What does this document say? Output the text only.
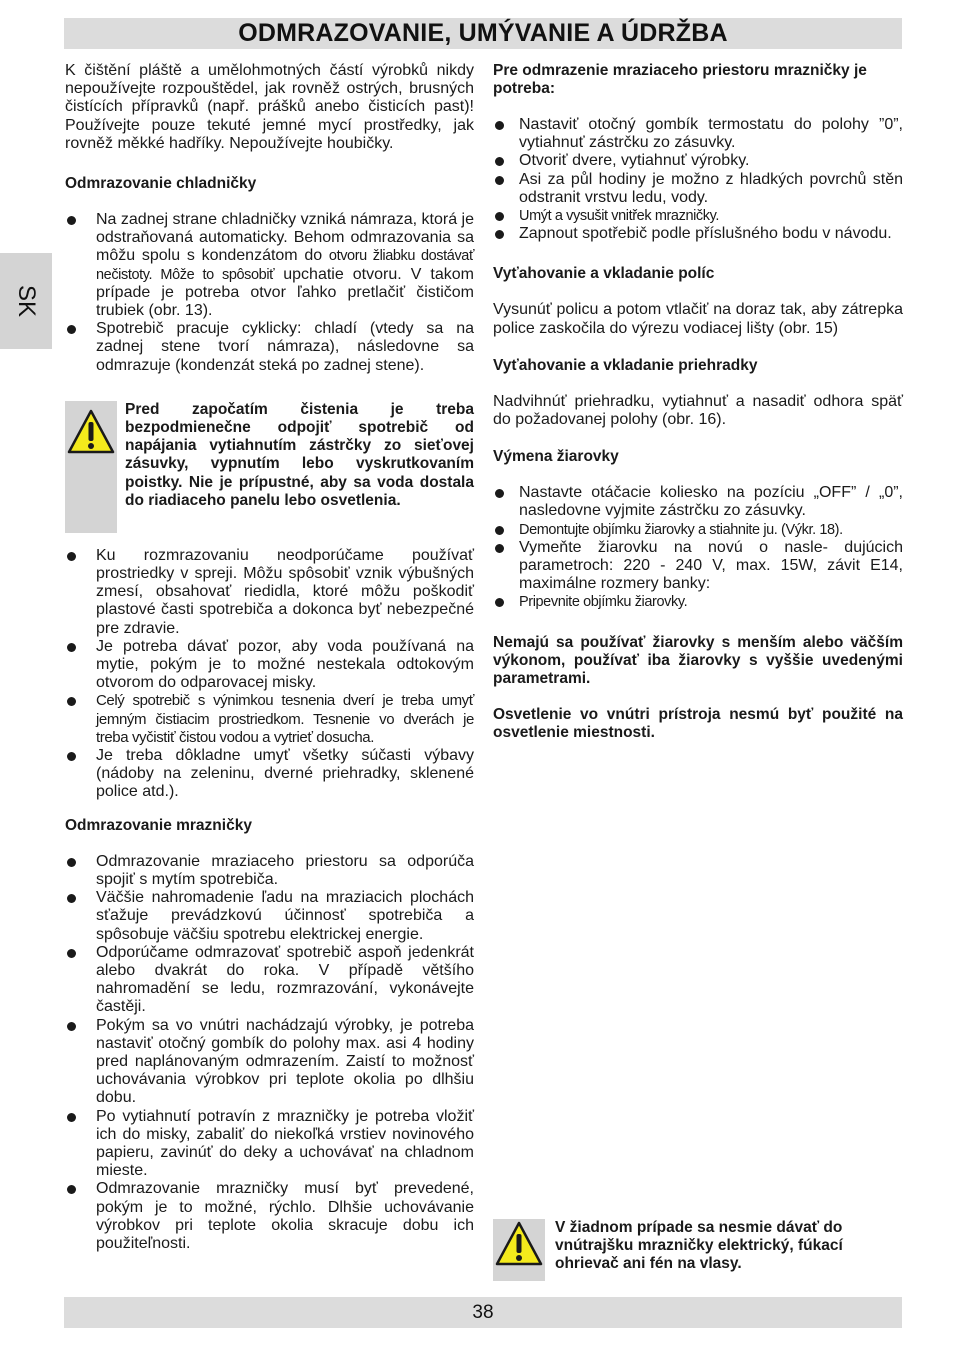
ODMRAZOVANIE, UMÝVANIE A ÚDRŽBA
SK

K čištění pláště a umělohmotných částí výrobků nikdy nepoužívejte rozpouštědel, jak rovněž ostrých, brusných čistících přípravků (např. prášků anebo čisticích past)! Používejte pouze tekuté jemné mycí prostředky, jak rovněž měkké hadříky. Nepoužívejte houbičky.

Odmrazovanie chladničky
Na zadnej strane chladničky vzniká námraza, ktorá je odstraňovaná automaticky. Behom odmrazovania sa môžu spolu s kondenzátom do otvoru žliabku dostávať nečistoty. Môže to spôsobiť upchatie otvoru. V takom prípade je potreba otvor ľahko pretlačiť čističom trubiek (obr. 13).
Spotrebič pracuje cyklicky: chladí (vtedy sa na zadnej stene tvorí námraza), následovne sa odmrazuje (kondenzát steká po zadnej stene).
Pred započatím čistenia je treba bezpodmienečne odpojiť spotrebič od napájania vytiahnutím zástrčky zo sieťovej zásuvky, vypnutím lebo vyskrutkovaním poistky. Nie je prípustné, aby sa voda dostala do riadiaceho panelu lebo osvetlenia.
Ku rozmrazovaniu neodporúčame používať prostriedky v spreji. Môžu spôsobiť vznik výbušných zmesí, obsahovať riedidla, ktoré môžu poškodiť plastové časti spotrebiča a dokonca byť nebezpečné pre zdravie.
Je potreba dávať pozor, aby voda používaná na mytie, pokým je to možné nestekala odtokovým otvorom do odparovacej misky.
Celý spotrebič s výnimkou tesnenia dverí je treba umyť jemným čistiacim prostriedkom. Tesnenie vo dverách je treba vyčistiť čistou vodou a vytrieť dosucha.
Je treba dôkladne umyť všetky súčasti výbavy (nádoby na zeleninu, dverné priehradky, sklenené police atd.).
Odmrazovanie mrazničky
Odmrazovanie mraziaceho priestoru sa odporúča spojiť s mytím spotrebiča.
Väčšie nahromadenie ľadu na mraziacich plochách sťažuje prevádzkovú účinnosť spotrebiča a spôsobuje väčšiu spotrebu elektrickej energie.
Odporúčame odmrazovať spotrebič aspoň jedenkrát alebo dvakrát do roka. V případě většího nahromadění se ledu, rozmrazování, vykonávejte častěji.
Pokým sa vo vnútri nachádzajú výrobky, je potreba nastaviť otočný gombík do polohy max. asi 4 hodiny pred naplánovaným odmrazením. Zaistí to možnosť uchovávania výrobkov pri teplote okolia po dlhšiu dobu.
Po vytiahnutí potravín z mrazničky je potreba vložiť ich do misky, zabaliť do niekoľká vrstiev novinového papieru, zavinúť do deky a uchovávať na chladnom mieste.
Odmrazovanie mrazničky musí byť prevedené, pokým je to možné, rýchlo. Dlhšie uchovávanie výrobkov pri teplote okolia skracuje dobu ich použiteľnosti.
Pre odmrazenie mraziaceho priestoru mrazničky je potreba:
Nastaviť otočný gombík termostatu do polohy ”0”, vytiahnuť zástrčku zo zásuvky.
Otvoriť dvere, vytiahnuť výrobky.
Asi za půl hodiny je možno z hladkých povrchů stěn odstranit vrstvu ledu, vody.
Umýt a vysušit vnitřek mrazničky.
Zapnout spotřebič podle příslušného bodu v návodu.
Vyťahovanie a vkladanie políc

Vysunúť policu a potom vtlačiť na doraz tak, aby zátrepka police zaskočila do výrezu vodiacej lišty (obr. 15)

Vyťahovanie a vkladanie priehradky

Nadvihnúť priehradku, vytiahnuť a nasadiť odhora späť do požadovanej polohy (obr. 16).

Výmena žiarovky
Nastavte otáčacie koliesko na pozíciu „OFF” / „0”, nasledovne vyjmite zástrčku zo zásuvky.
Demontujte objímku žiarovky a stiahnite ju. (Výkr. 18).
Vymeňte žiarovku na novú o nasle- dujúcich parametroch: 220 - 240 V, max. 15W, závit E14, maximálne rozmery banky:
Pripevnite objímku žiarovky.

Nemajú sa používať žiarovky s menším alebo väčším výkonom, používať iba žiarovky s vyššie uvedenými parametrami.

Osvetlenie vo vnútri prístroja nesmú byť použité na osvetlenie miestnosti.

V žiadnom prípade sa nesmie dávať do vnútrajšku mrazničky elektrický, fúkací ohrievač ani fén na vlasy.
38
